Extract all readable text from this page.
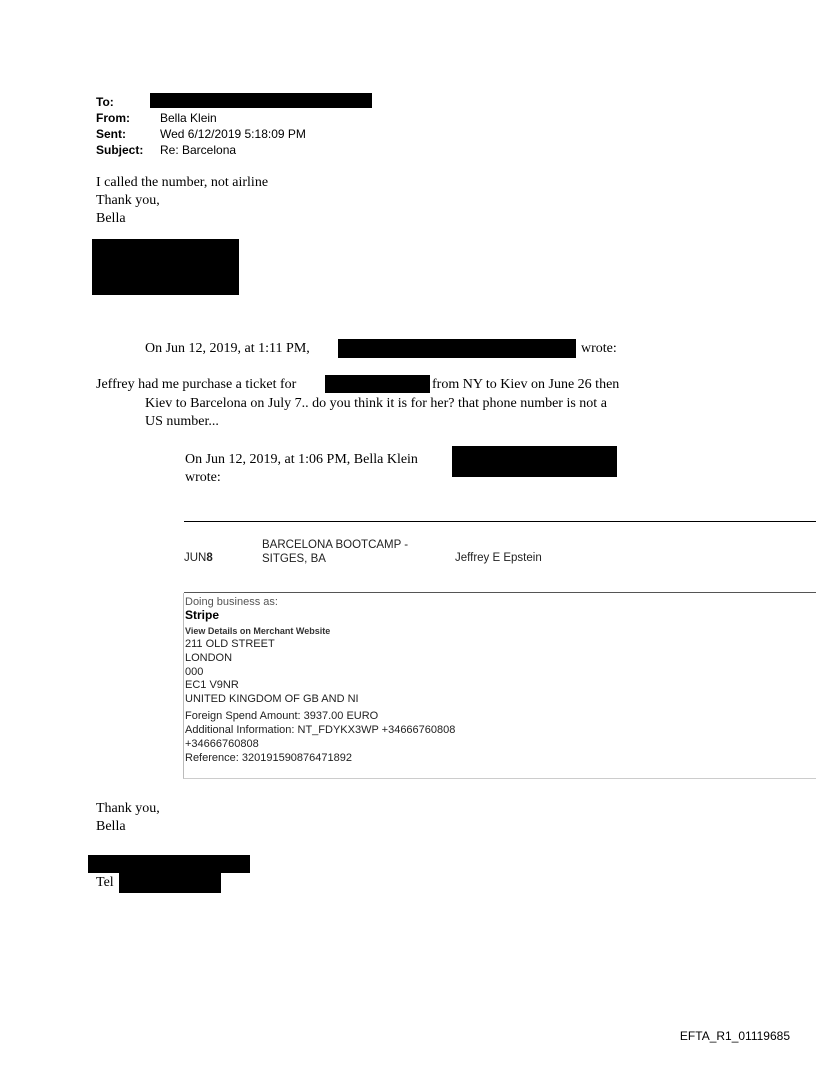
To:
From:	Bella Klein
Sent:	Wed 6/12/2019 5:18:09 PM
Subject: Re: Barcelona
I called the number, not airline
Thank you,
Bella
On Jun 12, 2019, at 1:11 PM,	wrote:
Jeffrey had me purchase a ticket for	from NY to Kiev on June 26 then
Kiev to Barcelona on July 7.. do you think it is for her? that phone number is not a
US number...
On Jun 12, 2019, at 1:06 PM, Bella Klein
wrote:
JUN8
BARCELONA BOOTCAMP -
SITGES, BA	Jeffrey E Epstein
Doing business as:
Stripe
View Details on Merchant Website
211 OLD STREET
LONDON
000
EC1 V9NR
UNITED KINGDOM OF GB AND NI
Foreign Spend Amount: 3937.00 EURO
Additional Information: NT_FDYKX3WP +34666760808
+34666760808
Reference: 320191590876471892
Thank you,
Bella
Tel
EFTA_R1_01119685
